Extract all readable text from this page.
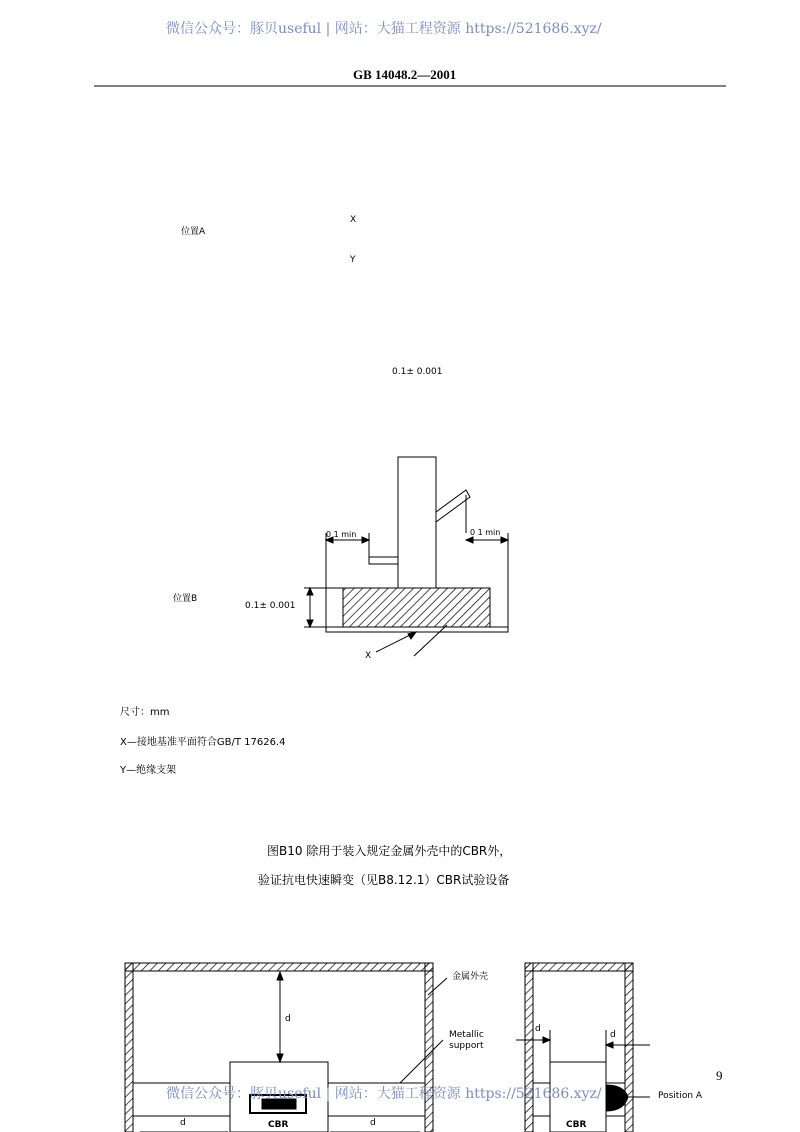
微信公众号：豚贝useful | 网站：大猫工程资源 https://521686.xyz/
GB 14048.2—2001
位置A
X
Y
0.1± 0.001
0 1 min	0 1 min
位置B
0.1± 0.001
X
尺寸：mm
X—接地基准平面符合GB/T 17626.4
Y—绝缘支架
图B10 除用于装入规定金属外壳中的CBR外，
验证抗电快速瞬变（见B8.12.1）CBR试验设备
金属外壳
Metallic
support
d
d
d
d	d
CBR	CBR
Position A
9
微信公众号：豚贝useful | 网站：大猫工程资源 https://521686.xyz/
